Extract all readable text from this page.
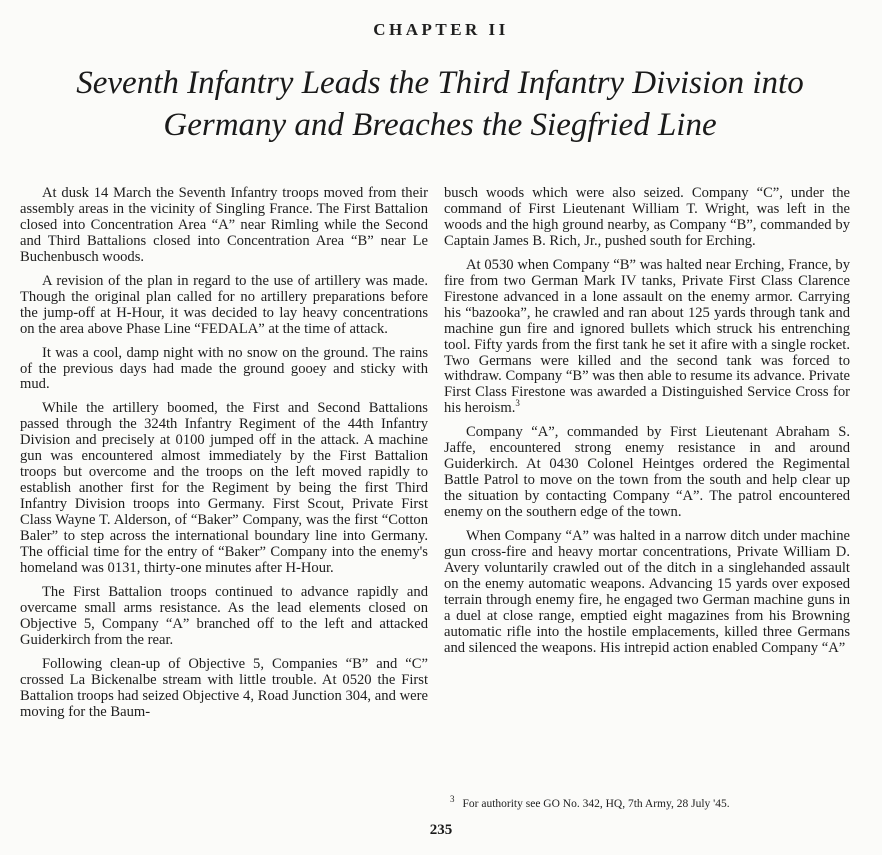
CHAPTER II
Seventh Infantry Leads the Third Infantry Division into Germany and Breaches the Siegfried Line

At dusk 14 March the Seventh Infantry troops moved from their assembly areas in the vicinity of Singling France. The First Battalion closed into Concentration Area “A” near Rimling while the Second and Third Battalions closed into Concentration Area “B” near Le Buchenbusch woods.

A revision of the plan in regard to the use of artillery was made. Though the original plan called for no artillery preparations before the jump-off at H-Hour, it was decided to lay heavy concentrations on the area above Phase Line “FEDALA” at the time of attack.

It was a cool, damp night with no snow on the ground. The rains of the previous days had made the ground gooey and sticky with mud.

While the artillery boomed, the First and Second Battalions passed through the 324th Infantry Regiment of the 44th Infantry Division and precisely at 0100 jumped off in the attack. A machine gun was encountered almost immediately by the First Battalion troops but overcome and the troops on the left moved rapidly to establish another first for the Regiment by being the first Third Infantry Division troops into Germany. First Scout, Private First Class Wayne T. Alderson, of “Baker” Company, was the first “Cotton Baler” to step across the international boundary line into Germany. The official time for the entry of “Baker” Company into the enemy's homeland was 0131, thirty-one minutes after H-Hour.

The First Battalion troops continued to advance rapidly and overcame small arms resistance. As the lead elements closed on Objective 5, Company “A” branched off to the left and attacked Guiderkirch from the rear.

Following clean-up of Objective 5, Companies “B” and “C” crossed La Bickenalbe stream with little trouble. At 0520 the First Battalion troops had seized Objective 4, Road Junction 304, and were moving for the Baum-

busch woods which were also seized. Company “C”, under the command of First Lieutenant William T. Wright, was left in the woods and the high ground nearby, as Company “B”, commanded by Captain James B. Rich, Jr., pushed south for Erching.

At 0530 when Company “B” was halted near Erching, France, by fire from two German Mark IV tanks, Private First Class Clarence Firestone advanced in a lone assault on the enemy armor. Carrying his “bazooka”, he crawled and ran about 125 yards through tank and machine gun fire and ignored bullets which struck his entrenching tool. Fifty yards from the first tank he set it afire with a single rocket. Two Germans were killed and the second tank was forced to withdraw. Company “B” was then able to resume its advance. Private First Class Firestone was awarded a Distinguished Service Cross for his heroism.$^3$

Company “A”, commanded by First Lieutenant Abraham S. Jaffe, encountered strong enemy resistance in and around Guiderkirch. At 0430 Colonel Heintges ordered the Regimental Battle Patrol to move on the town from the south and help clear up the situation by contacting Company “A”. The patrol encountered enemy on the southern edge of the town.

When Company “A” was halted in a narrow ditch under machine gun cross-fire and heavy mortar concentrations, Private William D. Avery voluntarily crawled out of the ditch in a singlehanded assault on the enemy automatic weapons. Advancing 15 yards over exposed terrain through enemy fire, he engaged two German machine guns in a duel at close range, emptied eight magazines from his Browning automatic rifle into the hostile emplacements, killed three Germans and silenced the weapons. His intrepid action enabled Company “A”

$^3$ For authority see GO No. 342, HQ, 7th Army, 28 July '45.
235
